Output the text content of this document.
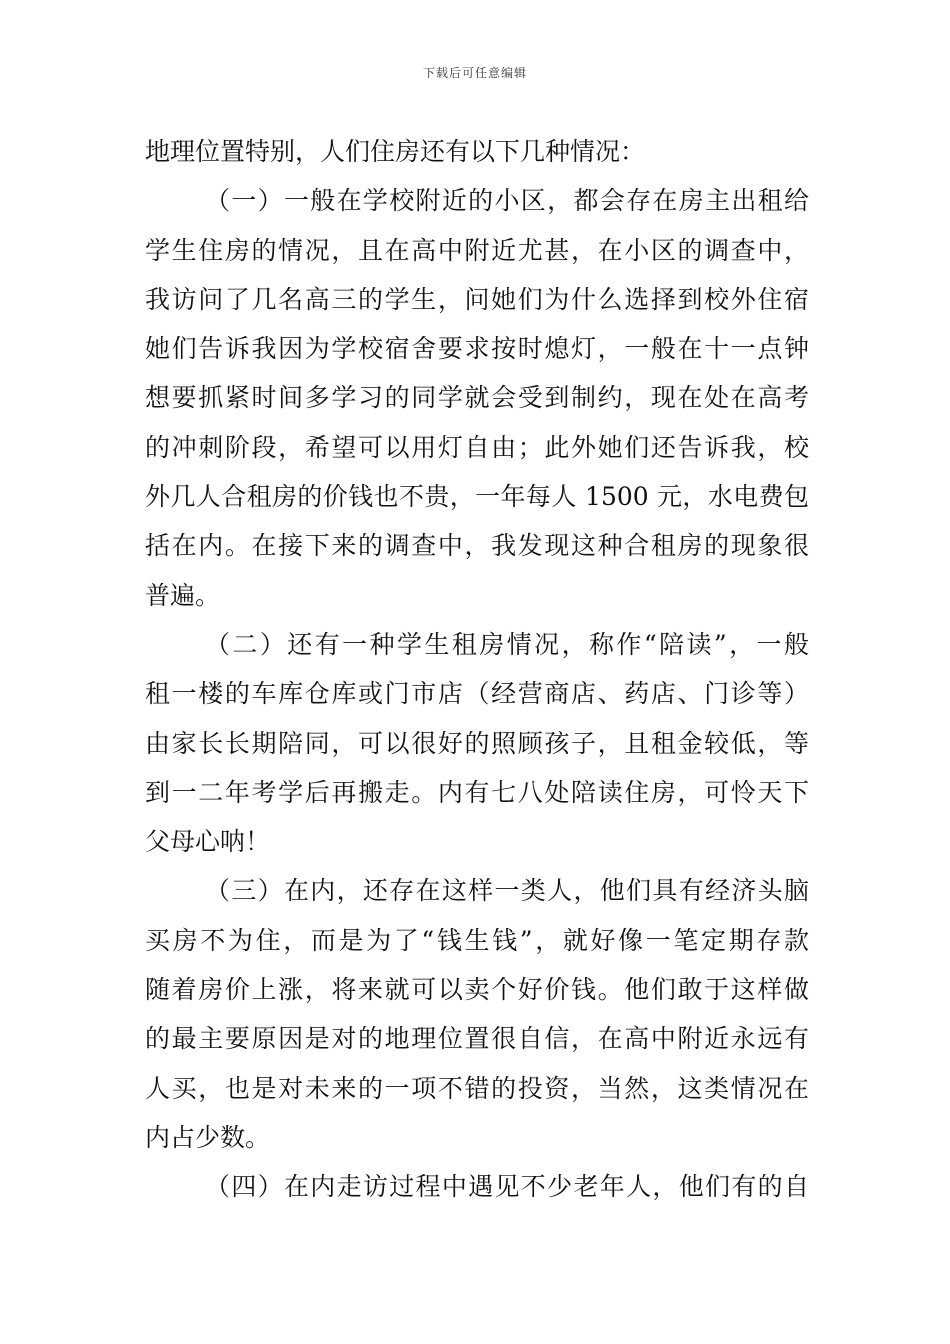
下载后可任意编辑
地理位置特别，人们住房还有以下几种情况：
（一）一般在学校附近的小区，都会存在房主出租给
学生住房的情况，且在高中附近尤甚，在小区的调查中，
我访问了几名高三的学生，问她们为什么选择到校外住宿
她们告诉我因为学校宿舍要求按时熄灯，一般在十一点钟
想要抓紧时间多学习的同学就会受到制约，现在处在高考
的冲刺阶段，希望可以用灯自由；此外她们还告诉我，校
外几人合租房的价钱也不贵，一年每人 1500 元，水电费包
括在内。在接下来的调查中，我发现这种合租房的现象很
普遍。
（二）还有一种学生租房情况，称作“陪读”，一般
租一楼的车库仓库或门市店（经营商店、药店、门诊等）
由家长长期陪同，可以很好的照顾孩子，且租金较低，等
到一二年考学后再搬走。内有七八处陪读住房，可怜天下
父母心呐！
（三）在内，还存在这样一类人，他们具有经济头脑
买房不为住，而是为了“钱生钱”，就好像一笔定期存款
随着房价上涨，将来就可以卖个好价钱。他们敢于这样做
的最主要原因是对的地理位置很自信，在高中附近永远有
人买，也是对未来的一项不错的投资，当然，这类情况在
内占少数。
（四）在内走访过程中遇见不少老年人，他们有的自
